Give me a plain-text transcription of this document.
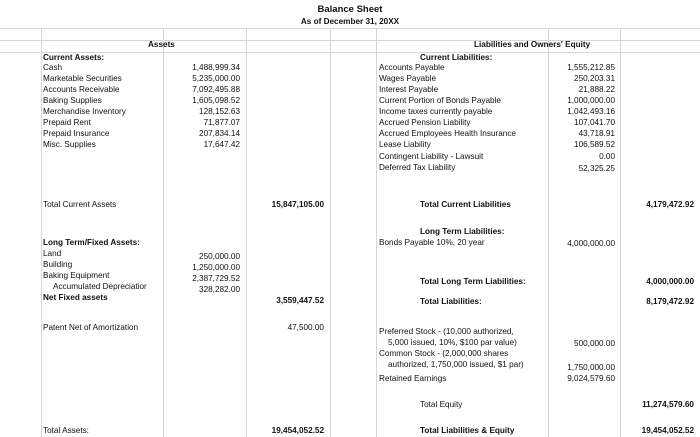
Balance Sheet
As of December 31, 20XX
Assets	Liabilities and Owners' Equity
Current Assets:
Cash	1,488,999.34
Marketable Securities	5,235,000.00
Accounts Receivable	7,092,495.88
Baking Supplies	1,605,098.52
Merchandise Inventory	128,152.63
Prepaid Rent	71,877.07
Prepaid Insurance	207,834.14
Misc. Supplies	17,647.42
Total Current Assets	15,847,105.00
Long Term/Fixed Assets:
Land	250,000.00
Building	1,250,000.00
Baking Equipment	2,387,729.52
Accumulated Depreciatior	328,282.00
Net Fixed assets	3,559,447.52
Patent Net of Amortization	47,500.00
Total Assets:	19,454,052.52
Current Liabilities:
Accounts Payable	1,555,212.85
Wages Payable	250,203.31
Interest Payable	21,888.22
Current Portion of Bonds Payable	1,000,000.00
Income taxes currently payable	1,042,493.16
Accrued Pension Liability	107,041.70
Accrued Employees Health Insurance	43,718.91
Lease Liability	106,589.52
Contingent Liability - Lawsuit	0.00
Deferred Tax Liability	52,325.25
Total Current Liabilities	4,179,472.92
Long Term Liabilities:
Bonds Payable 10%, 20 year	4,000,000.00
Total Long Term Liabilities:	4,000,000.00
Total Liabilities:	8,179,472.92
Preferred Stock - (10,000 authorized,
5,000 issued, 10%, $100 par value)	500,000.00
Common Stock - (2,000,000 shares
authorized, 1,750,000 issued, $1 par)	1,750,000.00
Retained Earnings	9,024,579.60
Total Equity	11,274,579.60
Total Liabilities & Equity	19,454,052.52
